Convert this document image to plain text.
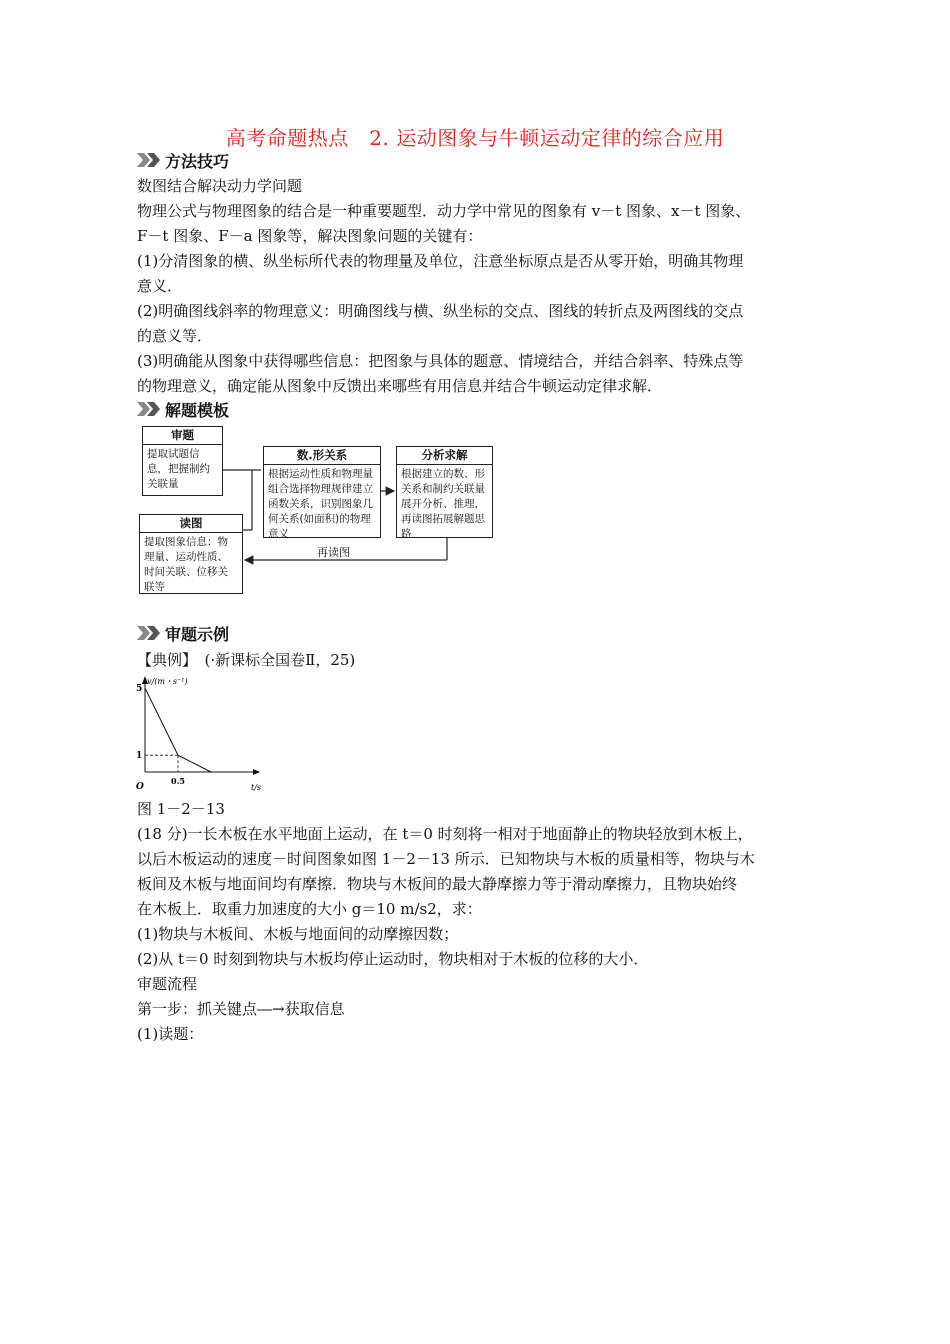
高考命题热点　2. 运动图象与牛顿运动定律的综合应用
方法技巧
数图结合解决动力学问题
物理公式与物理图象的结合是一种重要题型．动力学中常见的图象有 v－t 图象、x－t 图象、
F－t 图象、F－a 图象等，解决图象问题的关键有：
(1)分清图象的横、纵坐标所代表的物理量及单位，注意坐标原点是否从零开始，明确其物理
意义．
(2)明确图线斜率的物理意义：明确图线与横、纵坐标的交点、图线的转折点及两图线的交点
的意义等．
(3)明确能从图象中获得哪些信息：把图象与具体的题意、情境结合，并结合斜率、特殊点等
的物理意义，确定能从图象中反馈出来哪些有用信息并结合牛顿运动定律求解．
解题模板
审题
提取试题信息，把握制约关联量
数.形关系
根据运动性质和物理量组合选择物理规律建立函数关系，识别图象几何关系(如面积)的物理意义
分析求解
根据建立的数、形关系和制约关联量展开分析、推理，再读图拓展解题思路
读图
提取图象信息：物理量、运动性质、时间关联、位移关联等
再读图
审题示例
【典例】　(·新课标全国卷Ⅱ，25)
v/(m・s⁻¹)
t/s
O
5
1
0.5
图 1－2－13
(18 分)一长木板在水平地面上运动，在 t＝0 时刻将一相对于地面静止的物块轻放到木板上，
以后木板运动的速度－时间图象如图 1－2－13 所示．已知物块与木板的质量相等，物块与木
板间及木板与地面间均有摩擦．物块与木板间的最大静摩擦力等于滑动摩擦力，且物块始终
在木板上．取重力加速度的大小 g＝10 m/s2，求：
(1)物块与木板间、木板与地面间的动摩擦因数；
(2)从 t＝0 时刻到物块与木板均停止运动时，物块相对于木板的位移的大小．
审题流程
第一步：抓关键点―→获取信息
(1)读题：
